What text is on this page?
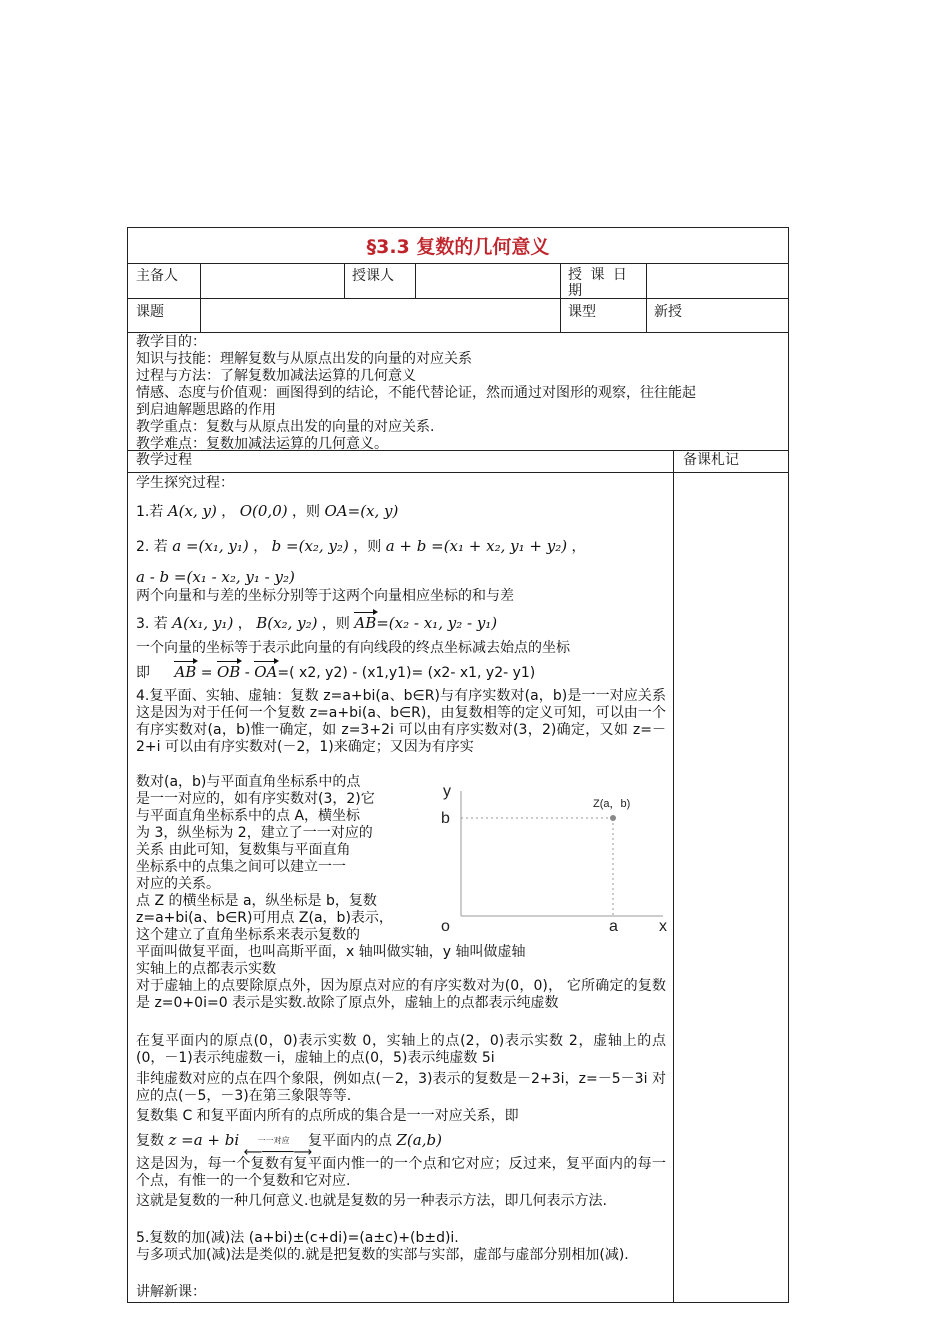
§3.3 复数的几何意义
主备人	授课人	授 课 日
期
课题	课型	新授
教学目的：
知识与技能：理解复数与从原点出发的向量的对应关系
过程与方法：了解复数加减法运算的几何意义
情感、态度与价值观：画图得到的结论，不能代替论证，然而通过对图形的观察，往往能起
到启迪解题思路的作用
教学重点：复数与从原点出发的向量的对应关系.
教学难点：复数加减法运算的几何意义。
教学过程	备课札记
学生探究过程：
1.若 A(x, y) ， O(0,0) ，则 OA=(x, y)
2. 若 a =(x₁, y₁) ， b =(x₂, y₂) ，则 a + b =(x₁ + x₂, y₁ + y₂) ，
a - b =(x₁ - x₂, y₁ - y₂)
两个向量和与差的坐标分别等于这两个向量相应坐标的和与差
3. 若 A(x₁, y₁) ， B(x₂, y₂) ，则 AB=(x₂ - x₁, y₂ - y₁)
一个向量的坐标等于表示此向量的有向线段的终点坐标减去始点的坐标
即 AB = OB - OA=( x2, y2) - (x1,y1)= (x2- x1, y2- y1)
4.复平面、实轴、虚轴：复数 z=a+bi(a、b∈R)与有序实数对(a，b)是一一对应关系这是因为对于任何一个复数 z=a+bi(a、b∈R)，由复数相等的定义可知，可以由一个有序实数对(a，b)惟一确定，如 z=3+2i 可以由有序实数对(3，2)确定，又如 z=－2+i 可以由有序实数对(－2，1)来确定；又因为有序实
数对(a，b)与平面直角坐标系中的点
是一一对应的，如有序实数对(3，2)它
与平面直角坐标系中的点 A，横坐标
为 3，纵坐标为 2，建立了一一对应的
关系 由此可知，复数集与平面直角
坐标系中的点集之间可以建立一一
对应的关系。
点 Z 的横坐标是 a，纵坐标是 b，复数
z=a+bi(a、b∈R)可用点 Z(a，b)表示，
这个建立了直角坐标系来表示复数的
y
b
o	a	x
Z(a，b)
平面叫做复平面，也叫高斯平面，x 轴叫做实轴，y 轴叫做虚轴
实轴上的点都表示实数
对于虚轴上的点要除原点外，因为原点对应的有序实数对为(0，0)， 它所确定的复数是 z=0+0i=0 表示是实数.故除了原点外，虚轴上的点都表示纯虚数
在复平面内的原点(0，0)表示实数 0，实轴上的点(2，0)表示实数 2，虚轴上的点(0，－1)表示纯虚数－i，虚轴上的点(0，5)表示纯虚数 5i
非纯虚数对应的点在四个象限，例如点(－2，3)表示的复数是－2+3i，z=－5－3i 对应的点(－5，－3)在第三象限等等.
复数集 C 和复平面内所有的点所成的集合是一一对应关系，即
复数 z =a + bi 一一对应
⟵────⟶
复平面内的点 Z(a,b)
这是因为，每一个复数有复平面内惟一的一个点和它对应；反过来，复平面内的每一个点，有惟一的一个复数和它对应.
这就是复数的一种几何意义.也就是复数的另一种表示方法，即几何表示方法.
5.复数的加(减)法 (a+bi)±(c+di)=(a±c)+(b±d)i.
与多项式加(减)法是类似的.就是把复数的实部与实部，虚部与虚部分别相加(减).
讲解新课：
